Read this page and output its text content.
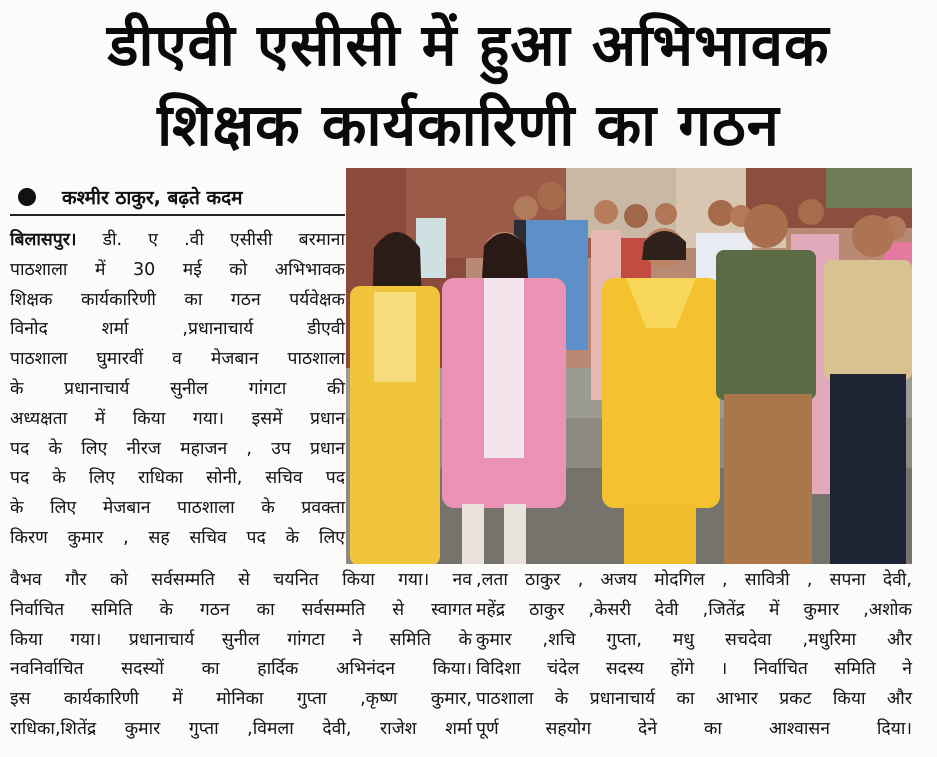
डीएवी एसीसी में हुआ अभिभावक
शिक्षक कार्यकारिणी का गठन
कश्मीर ठाकुर, बढ़ते कदम
बिलासपुर। डी. ए .वी एसीसी बरमाना
पाठशाला में 30 मई को अभिभावक
शिक्षक कार्यकारिणी का गठन पर्यवेक्षक
विनोद शर्मा ,प्रधानाचार्य डीएवी
पाठशाला घुमारवीं व मेजबान पाठशाला
के प्रधानाचार्य सुनील गांगटा की
अध्यक्षता में किया गया। इसमें प्रधान
पद के लिए नीरज महाजन , उप प्रधान
पद के लिए राधिका सोनी, सचिव पद
के लिए मेजबान पाठशाला के प्रवक्ता
किरण कुमार , सह सचिव पद के लिए
वैभव गौर को सर्वसम्मति से चयनित किया गया। नव
निर्वाचित समिति के गठन का सर्वसम्मति से स्वागत
किया गया। प्रधानाचार्य सुनील गांगटा ने समिति के
नवनिर्वाचित सदस्यों का हार्दिक अभिनंदन किया।
इस कार्यकारिणी में मोनिका गुप्ता ,कृष्ण कुमार,
राधिका,शितेंद्र कुमार गुप्ता ,विमला देवी, राजेश शर्मा
,लता ठाकुर , अजय मोदगिल , सावित्री , सपना देवी,
महेंद्र ठाकुर ,केसरी देवी ,जितेंद्र में कुमार ,अशोक
कुमार ,शचि गुप्ता, मधु सचदेवा ,मधुरिमा और
विदिशा चंदेल सदस्य होंगे । निर्वाचित समिति ने
पाठशाला के प्रधानाचार्य का आभार प्रकट किया और
पूर्ण सहयोग देने का आश्वासन दिया।
